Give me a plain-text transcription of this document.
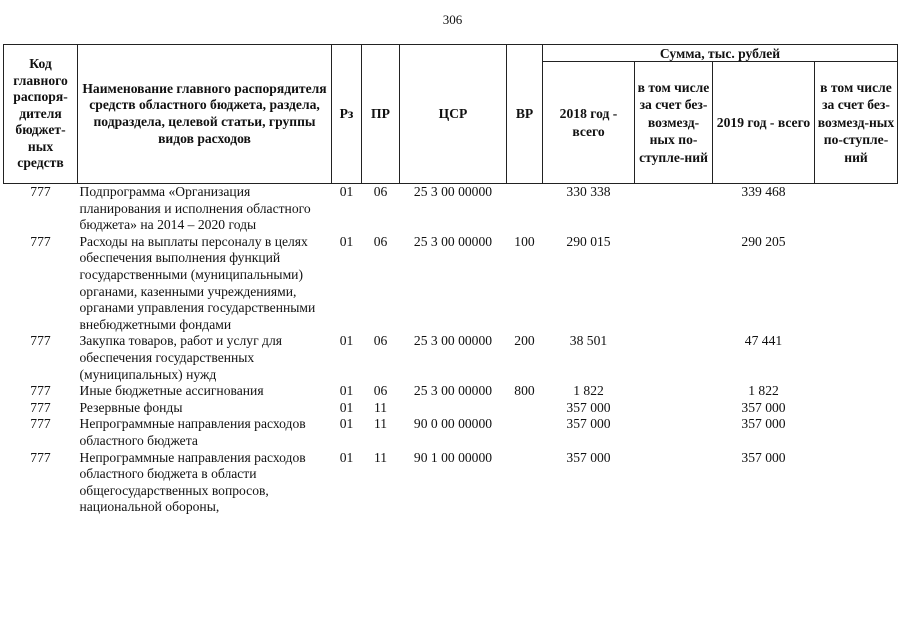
306
Код главного распоря-дителя бюджет-ных средств	Наименование главного распорядителя средств областного бюджета, раздела, подраздела, целевой статьи, группы видов расходов	Рз	ПР	ЦСР	ВР	Сумма, тыс. рублей			
						2018 год - всего	в том числе за счет без-возмезд-ных по-ступле-ний	2019 год - всего	в том числе за счет без-возмезд-ных по-ступле-ний
777	Подпрограмма «Организация планирования и исполнения областного бюджета» на 2014 – 2020 годы	01	06	25 3 00 00000		330 338		339 468	
777	Расходы на выплаты персоналу в целях обеспечения выполнения функций государственными (муниципальными) органами, казенными учреждениями, органами управления государственными внебюджетными фондами	01	06	25 3 00 00000	100	290 015		290 205	
777	Закупка товаров, работ и услуг для обеспечения государственных (муниципальных) нужд	01	06	25 3 00 00000	200	38 501		47 441	
777	Иные бюджетные ассигнования	01	06	25 3 00 00000	800	1 822		1 822	
777	Резервные фонды	01	11			357 000		357 000	
777	Непрограммные направления расходов областного бюджета	01	11	90 0 00 00000		357 000		357 000	
777	Непрограммные направления расходов областного бюджета в области общегосударственных вопросов, национальной обороны,	01	11	90 1 00 00000		357 000		357 000	
